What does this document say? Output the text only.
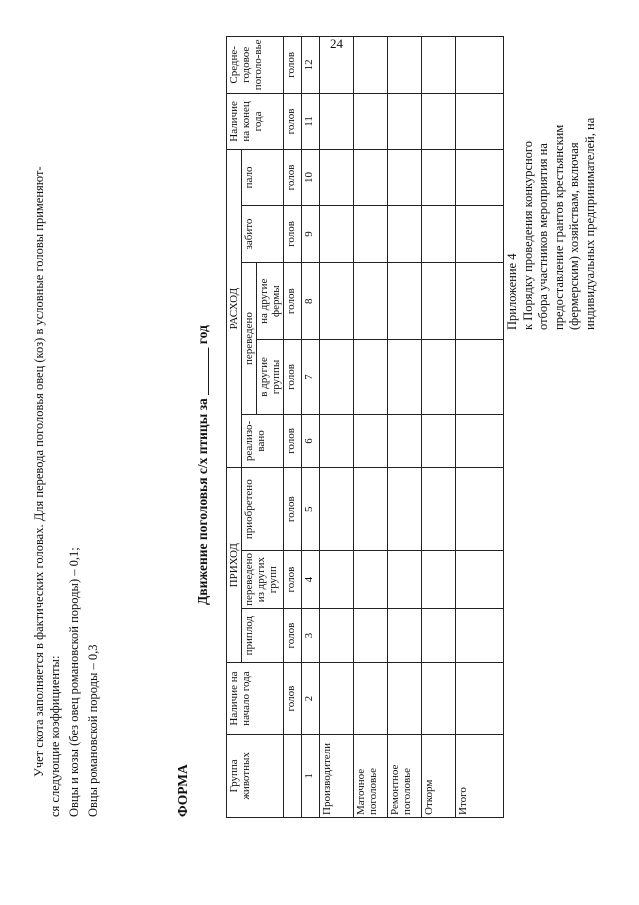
24
Учет скота заполняется в фактических головах. Для перевода поголовья овец (коз) в условные головы применяют- ся следующие коэффициенты: Овцы и козы (без овец романовской породы) – 0,1; Овцы романовской породы – 0,3	ФОРМА
Движение поголовья с/х птицы за _______ год
Группа животных	Наличие на начало года	ПРИХОД			РАСХОД					Наличие на конец года	Средне-годовое поголо-вье
		приплод	переведено из других групп	приобретено	реализо-вано	переведено		забито	пало		
						в другие группы	на другие фермы				
	голов	голов	голов	голов	голов	голов	голов	голов	голов	голов	голов
1	2	3	4	5	6	7	8	9	10	11	12
Производители											
Маточное поголовье											
Ремонтное поголовье											
Откорм											
Итого											
Приложение 4 к Порядку проведения конкурсного отбора участников мероприятия на предоставление грантов крестьянским (фермерским) хозяйствам, включая индивидуальных предпринимателей, на
